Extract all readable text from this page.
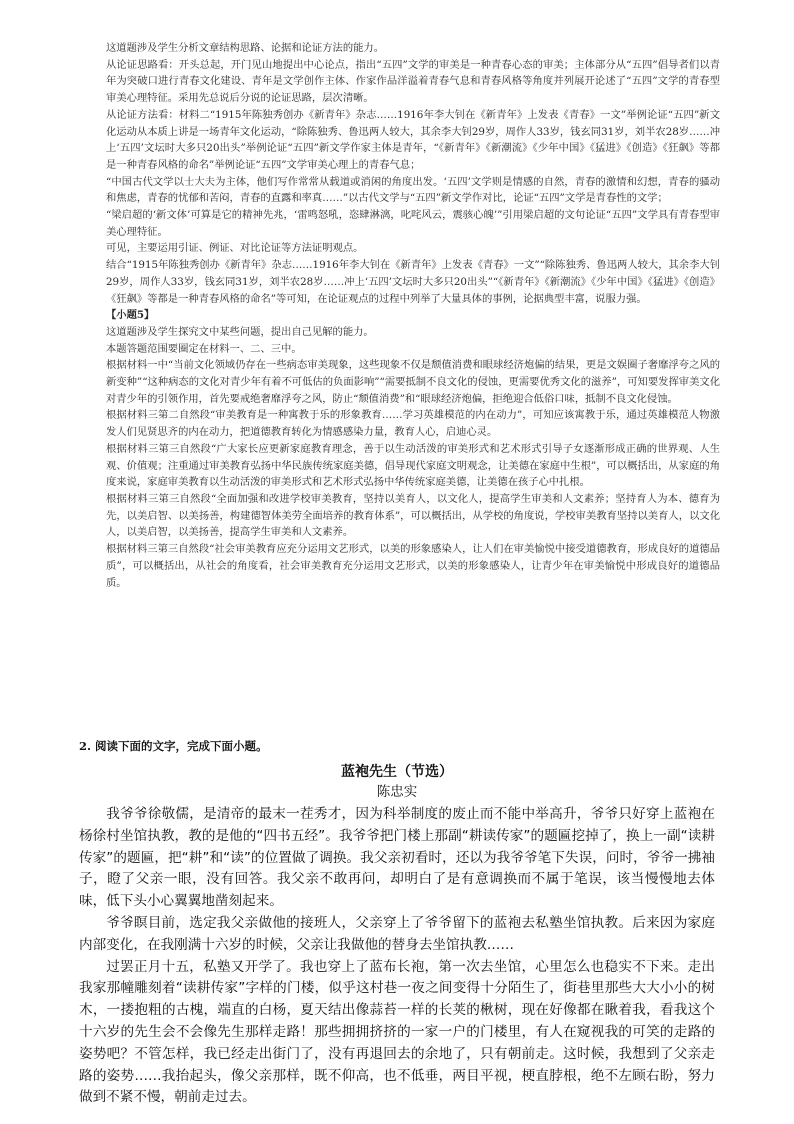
这道题涉及学生分析文章结构思路、论据和论证方法的能力。

从论证思路看：开头总起，开门见山地提出中心论点，指出“五四”文学的审美是一种青春心态的审美；主体部分从“五四”倡导者们以青年为突破口进行青春文化建设、青年是文学创作主体、作家作品洋溢着青春气息和青春风格等角度并列展开论述了“五四”文学的青春型审美心理特征。采用先总说后分说的论证思路，层次清晰。

从论证方法看：材料二“1915年陈独秀创办《新青年》杂志……1916年李大钊在《新青年》上发表《青春》一文”举例论证“五四”新文化运动从本质上讲是一场青年文化运动，“除陈独秀、鲁迅两人较大，其余李大钊29岁，周作人33岁，钱玄同31岁，刘半农28岁……冲上‘五四’文坛时大多只20出头”举例论证“五四”新文学作家主体是青年，“《新青年》《新潮流》《少年中国》《猛进》《创造》《狂飙》等都是一种青春风格的命名”举例论证“五四”文学审美心理上的青春气息；

“中国古代文学以士大夫为主体，他们写作常常从载道或消闲的角度出发。‘五四’文学则是情感的自然，青春的激情和幻想，青春的骚动和焦虑，青春的忧郁和苦闷，青春的直露和率真……”以古代文学与“五四”新文学作对比，论证“五四”文学是青春性的文学；

“梁启超的‘新文体’可算是它的精神先兆，‘雷鸣怒吼，恣肆淋漓，叱咤风云，震骇心魄’”引用梁启超的文句论证“五四”文学具有青春型审美心理特征。

可见，主要运用引证、例证、对比论证等方法证明观点。

结合“1915年陈独秀创办《新青年》杂志……1916年李大钊在《新青年》上发表《青春》一文”“除陈独秀、鲁迅两人较大，其余李大钊29岁，周作人33岁，钱玄同31岁，刘半农28岁……冲上‘五四’文坛时大多只20出头”“《新青年》《新潮流》《少年中国》《猛进》《创造》《狂飙》等都是一种青春风格的命名”等可知，在论证观点的过程中列举了大量具体的事例，论据典型丰富，说服力强。

【小题5】

这道题涉及学生探究文中某些问题，提出自己见解的能力。

本题答题范围要圈定在材料一、二、三中。

根据材料一中“当前文化领域仍存在一些病态审美现象，这些现象不仅是颓值消费和眼球经济炮偏的结果，更是文娱圈子奢靡浮夸之风的新变种”“这种病态的文化对青少年有着不可低估的负面影响”“需要抵制不良文化的侵蚀，更需要优秀文化的滋养”，可知要发挥审美文化对青少年的引领作用，首先要戒绝奢靡浮夸之风，防止“颓值消费”和“眼球经济炮偏，拒绝迎合低俗口味，抵制不良文化侵蚀。

根据材料三第二自然段“审美教育是一种寓教于乐的形象教育……学习英雄模范的内在动力”，可知应该寓教于乐，通过英雄模范人物激发人们见贤思齐的内在动力，把道德教育转化为情感感染力量，教育人心，启迪心灵。

根据材料三第三自然段“广大家长应更新家庭教育理念，善于以生动活泼的审美形式和艺术形式引导子女逐渐形成正确的世界观、人生观、价值观；注重通过审美教育弘扬中华民族传统家庭美德，倡导现代家庭文明观念，让美德在家庭中生根”，可以概括出，从家庭的角度来说，家庭审美教育以生动活泼的审美形式和艺术形式弘扬中华传统家庭美德，让美德在孩子心中扎根。

根据材料三第三自然段“全面加强和改进学校审美教育，坚持以美育人，以文化人，提高学生审美和人文素养；坚持育人为本、德育为先，以美启智、以美扬善，构建德智体美劳全面培养的教育体系”，可以概括出，从学校的角度说，学校审美教育坚持以美育人，以文化人，以美启智，以美扬善，提高学生审美和人文素养。

根据材料三第三自然段“社会审美教育应充分运用文艺形式，以美的形象感染人，让人们在审美愉悦中接受道德教育，形成良好的道德品质”，可以概括出，从社会的角度看，社会审美教育充分运用文艺形式，以美的形象感染人，让青少年在审美愉悦中形成良好的道德品质。

2. 阅读下面的文字，完成下面小题。

蓝袍先生（节选）

陈忠实

我爷爷徐敬儒，是清帝的最末一茬秀才，因为科举制度的废止而不能中举高升，爷爷只好穿上蓝袍在杨徐村坐馆执教，教的是他的“四书五经”。我爷爷把门楼上那副“耕读传家”的题匾挖掉了，换上一副“读耕传家”的题匾，把“耕”和“读”的位置做了调换。我父亲初看时，还以为我爷爷笔下失误，问时，爷爷一拂袖子，瞪了父亲一眼，没有回答。我父亲不敢再问，却明白了是有意调换而不属于笔误，该当慢慢地去体味，低下头小心翼翼地凿刻起来。

爷爷瞑目前，选定我父亲做他的接班人，父亲穿上了爷爷留下的蓝袍去私塾坐馆执教。后来因为家庭内部变化，在我刚满十六岁的时候，父亲让我做他的替身去坐馆执教……

过罢正月十五，私塾又开学了。我也穿上了蓝布长袍，第一次去坐馆，心里怎么也稳实不下来。走出我家那幢雕刻着“读耕传家”字样的门楼，似乎这村巷一夜之间变得十分陌生了，街巷里那些大大小小的树木，一搂抱粗的古槐，端直的白杨，夏天结出像蒜苔一样的长荚的楸树，现在好像都在瞅着我，看我这个十六岁的先生会不会像先生那样走路！那些拥拥挤挤的一家一户的门楼里，有人在窥视我的可笑的走路的姿势吧？不管怎样，我已经走出街门了，没有再退回去的余地了，只有朝前走。这时候，我想到了父亲走路的姿势……我抬起头，像父亲那样，既不仰高，也不低垂，两目平视，梗直脖根，绝不左顾右盼，努力做到不紧不慢，朝前走过去。
